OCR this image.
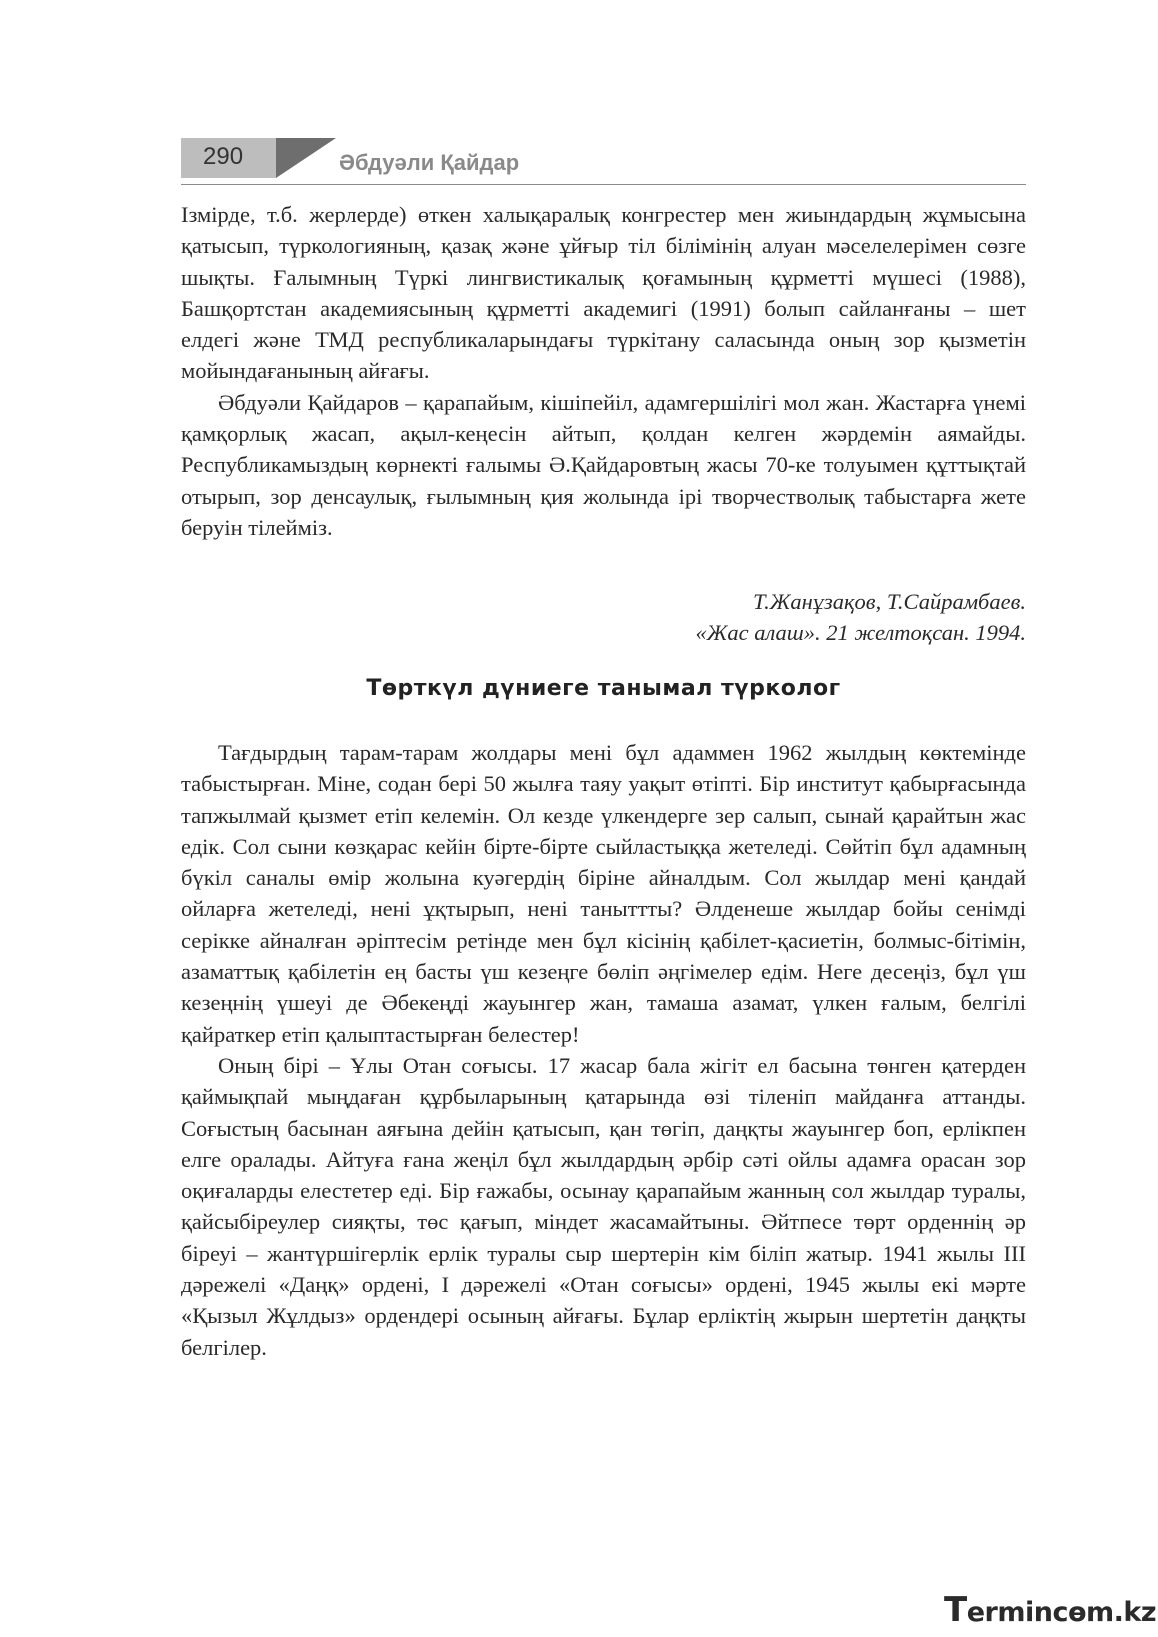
290	Әбдуәли Қайдар

Ізмірде, т.б. жерлерде) өткен халықаралық конгрестер мен жиындардың жұмысына қатысып, түркологияның, қазақ және ұйғыр тіл білімінің алуан мәселелерімен сөзге шықты. Ғалымның Түркі лингвистикалық қоғамының құрметті мүшесі (1988), Башқортстан академиясының құрметті академигі (1991) болып сайланғаны – шет елдегі және ТМД республикаларындағы түркітану саласында оның зор қызметін мойындағанының айғағы.

Әбдуәли Қайдаров – қарапайым, кішіпейіл, адамгершілігі мол жан. Жастарға үнемі қамқорлық жасап, ақыл-кеңесін айтып, қолдан келген жәрдемін аямайды. Республикамыздың көрнекті ғалымы Ә.Қайдаровтың жасы 70-ке толуымен құттықтай отырып, зор денсаулық, ғылымның қия жолында ірі творчестволық табыстарға жете беруін тілейміз.

Т.Жанұзақов, Т.Сайрамбаев.
«Жас алаш». 21 желтоқсан. 1994.
Төрткүл дүниеге танымал түрколог

Тағдырдың тарам-тарам жолдары мені бұл адаммен 1962 жылдың көктемінде табыстырған. Міне, содан бері 50 жылға таяу уақыт өтіпті. Бір институт қабырғасында тапжылмай қызмет етіп келемін. Ол кезде үлкендерге зер салып, сынай қарайтын жас едік. Сол сыни көзқарас кейін бірте-бірте сыйластыққа жетеледі. Сөйтіп бұл адамның бүкіл саналы өмір жолына куәгердің біріне айналдым. Сол жылдар мені қандай ойларға жетеледі, нені ұқтырып, нені таныттты? Әлденеше жылдар бойы сенімді серікке айналған әріптесім ретінде мен бұл кісінің қабілет-қасиетін, болмыс-бітімін, азаматтық қабілетін ең басты үш кезеңге бөліп әңгімелер едім. Неге десеңіз, бұл үш кезеңнің үшеуі де Әбекеңді жауынгер жан, тамаша азамат, үлкен ғалым, белгілі қайраткер етіп қалыптастырған белестер!

Оның бірі – Ұлы Отан соғысы. 17 жасар бала жігіт ел басына төнген қатерден қаймықпай мыңдаған құрбыларының қатарында өзі тіленіп майданға аттанды. Соғыстың басынан аяғына дейін қатысып, қан төгіп, даңқты жауынгер боп, ерлікпен елге оралады. Айтуға ғана жеңіл бұл жылдардың әрбір сәті ойлы адамға орасан зор оқиғаларды елестетер еді. Бір ғажабы, осынау қарапайым жанның сол жылдар туралы, қайсыбіреулер сияқты, төс қағып, міндет жасамайтыны. Әйтпесе төрт орденнің әр біреуі – жантүршігерлік ерлік туралы сыр шертерін кім біліп жатыр. 1941 жылы ІІІ дәрежелі «Даңқ» ордені, І дәрежелі «Отан соғысы» ордені, 1945 жылы екі мәрте «Қызыл Жұлдыз» ордендері осының айғағы. Бұлар ерліктің жырын шертетін даңқты белгілер.

Termincөm.kz
